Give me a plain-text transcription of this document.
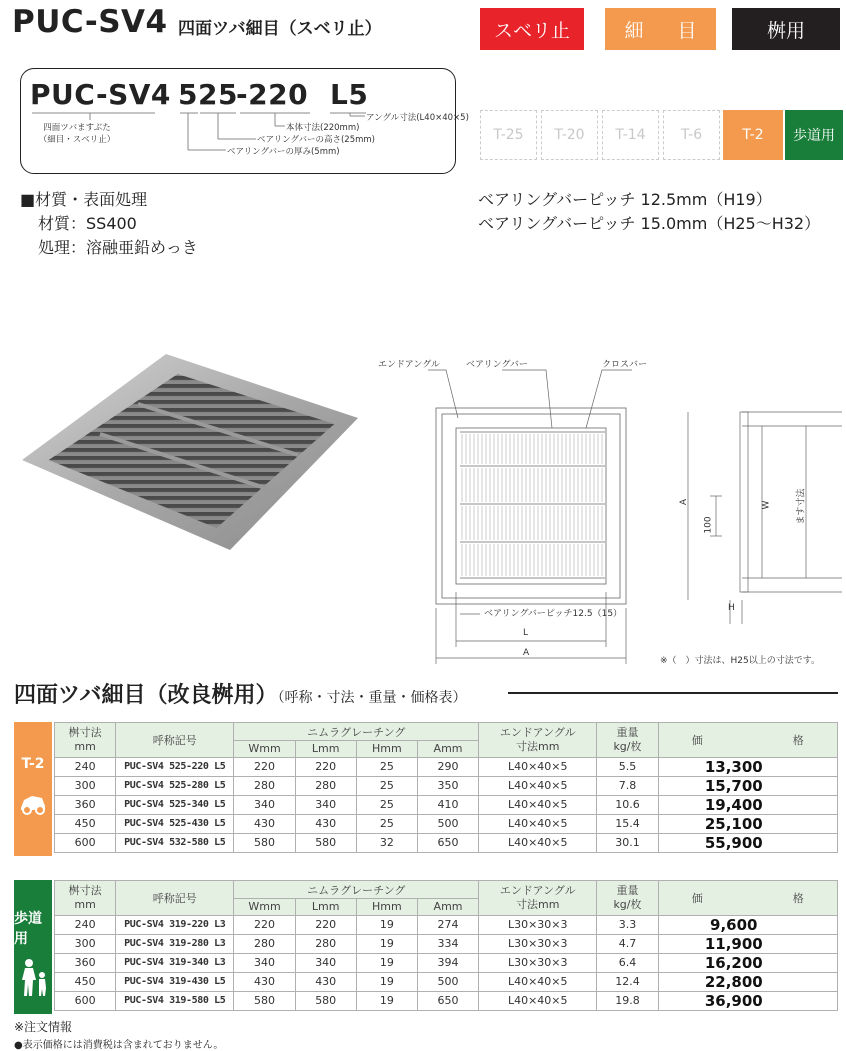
PUC-SV4 四面ツバ細目（スベリ止）	スベリ止	細 目	桝用
PUC-SV4 5 25
-220 L5
四面ツバますぶた
（細目・スベリ止）
アングル寸法(L40×40×5)
本体寸法(220mm)
ベアリングバーの高さ(25mm)
ベアリングバーの厚み(5mm)
T-25	T-20	T-14	T-6	T-2	歩道用
■材質・表面処理
材質：SS400
処理：溶融亜鉛めっき
ベアリングバーピッチ 12.5mm（H19）
ベアリングバーピッチ 15.0mm（H25〜H32）
エンドアングル	ベアリングバー	クロスバー
ベアリングバーピッチ12.5（15）
L
A
A
100
W	ます寸法
H
※（　）寸法は、H25以上の寸法です。
四面ツバ細目（改良桝用）（呼称・寸法・重量・価格表）
T-2
桝寸法
mm	呼称記号	ニムラグレーチング				エンドアングル
寸法mm	重量
kg/枚	価 格
		Wmm	Lmm	Hmm	Amm			
240	PUC-SV4 525-220 L5	220	220	25	290	L40×40×5	5.5	13,300
300	PUC-SV4 525-280 L5	280	280	25	350	L40×40×5	7.8	15,700
360	PUC-SV4 525-340 L5	340	340	25	410	L40×40×5	10.6	19,400
450	PUC-SV4 525-430 L5	430	430	25	500	L40×40×5	15.4	25,100
600	PUC-SV4 532-580 L5	580	580	32	650	L40×40×5	30.1	55,900
歩道用
桝寸法
mm	呼称記号	ニムラグレーチング				エンドアングル
寸法mm	重量
kg/枚	価 格
		Wmm	Lmm	Hmm	Amm			
240	PUC-SV4 319-220 L3	220	220	19	274	L30×30×3	3.3	9,600
300	PUC-SV4 319-280 L3	280	280	19	334	L30×30×3	4.7	11,900
360	PUC-SV4 319-340 L3	340	340	19	394	L30×30×3	6.4	16,200
450	PUC-SV4 319-430 L5	430	430	19	500	L40×40×5	12.4	22,800
600	PUC-SV4 319-580 L5	580	580	19	650	L40×40×5	19.8	36,900
※注文情報
●表示価格には消費税は含まれておりません。
